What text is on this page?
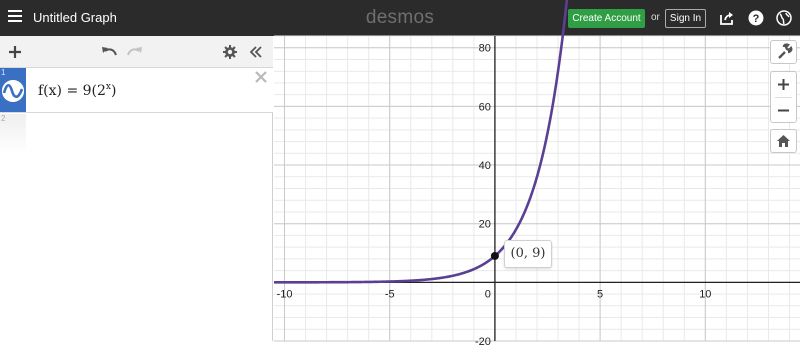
Untitled Graph	desmos	Create Account	or	Sign In	?
1
$f(x) = 9(2^x)$
2
-10	-5	0	5	10
80
60
40
20
-20
(0, 9)
